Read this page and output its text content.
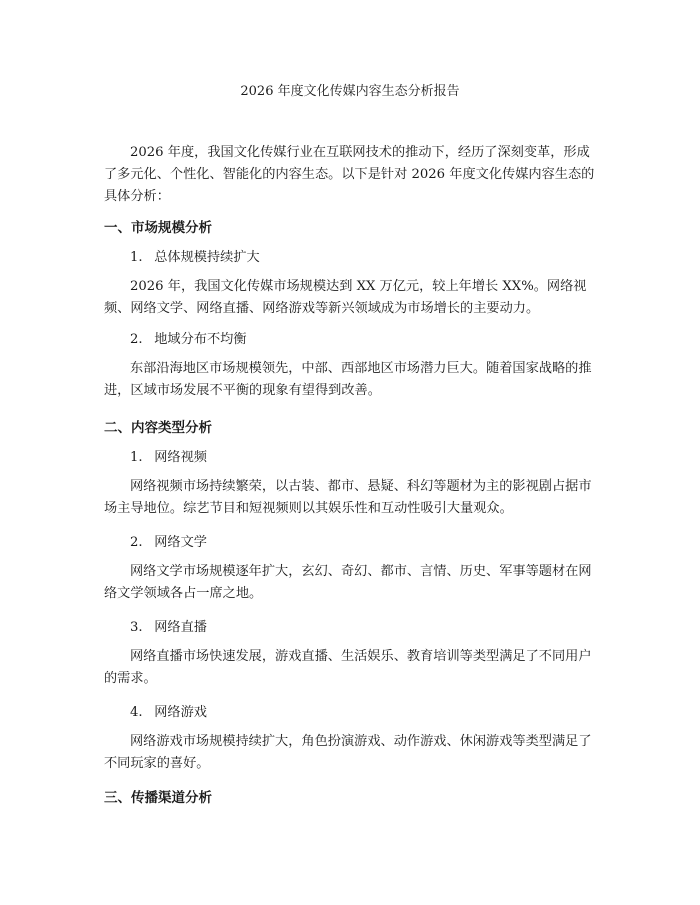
2026 年度文化传媒内容生态分析报告
2026 年度，我国文化传媒行业在互联网技术的推动下，经历了深刻变革，形成了多元化、个性化、智能化的内容生态。以下是针对 2026 年度文化传媒内容生态的具体分析：
一、市场规模分析
1. 总体规模持续扩大
2026 年，我国文化传媒市场规模达到 XX 万亿元，较上年增长 XX%。网络视频、网络文学、网络直播、网络游戏等新兴领域成为市场增长的主要动力。
2. 地域分布不均衡
东部沿海地区市场规模领先，中部、西部地区市场潜力巨大。随着国家战略的推进，区域市场发展不平衡的现象有望得到改善。
二、内容类型分析
1. 网络视频
网络视频市场持续繁荣，以古装、都市、悬疑、科幻等题材为主的影视剧占据市场主导地位。综艺节目和短视频则以其娱乐性和互动性吸引大量观众。
2. 网络文学
网络文学市场规模逐年扩大，玄幻、奇幻、都市、言情、历史、军事等题材在网络文学领域各占一席之地。
3. 网络直播
网络直播市场快速发展，游戏直播、生活娱乐、教育培训等类型满足了不同用户的需求。
4. 网络游戏
网络游戏市场规模持续扩大，角色扮演游戏、动作游戏、休闲游戏等类型满足了不同玩家的喜好。
三、传播渠道分析
